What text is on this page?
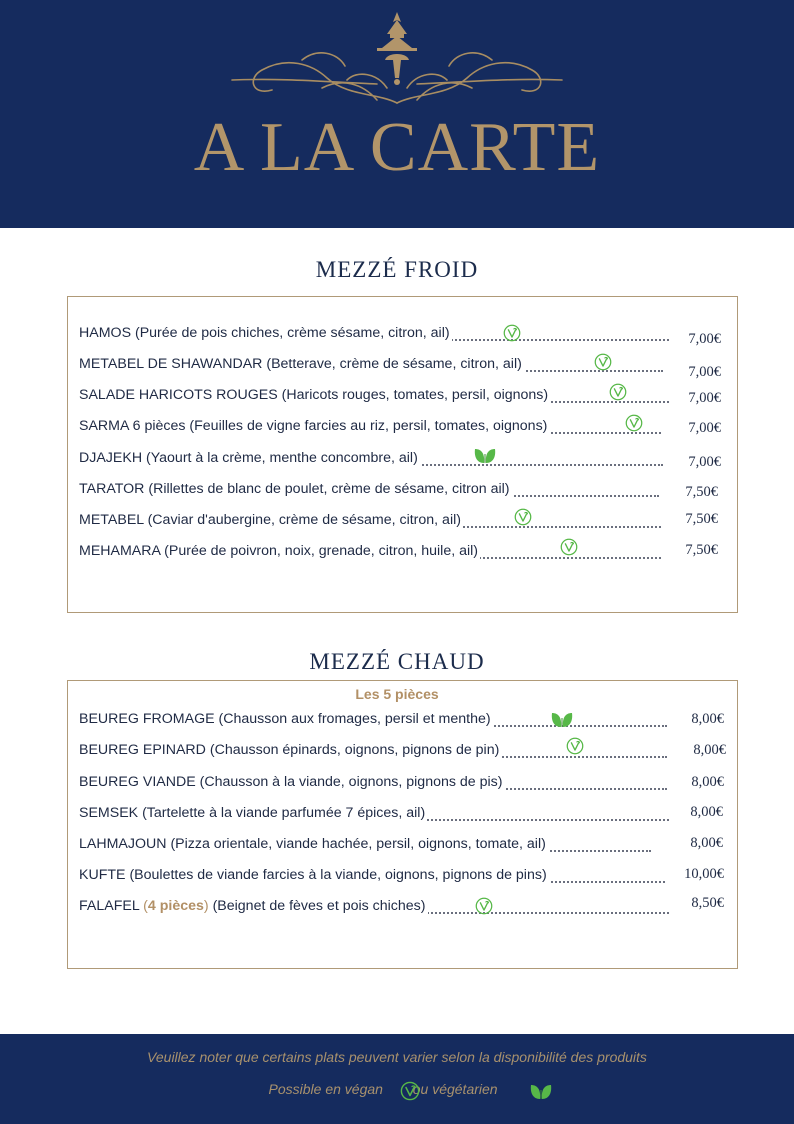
A LA CARTE
MEZZÉ FROID
HAMOS (Purée de pois chiches, crème sésame, citron, ail)	7,00€
METABEL DE SHAWANDAR (Betterave, crème de sésame, citron, ail)	7,00€
SALADE HARICOTS ROUGES (Haricots rouges, tomates, persil, oignons)	7,00€
SARMA 6 pièces (Feuilles de vigne farcies au riz, persil, tomates, oignons)	7,00€
DJAJEKH (Yaourt à la crème, menthe concombre, ail)	7,00€
TARATOR (Rillettes de blanc de poulet, crème de sésame, citron ail)	7,50€
METABEL (Caviar d'aubergine, crème de sésame, citron, ail)	7,50€
MEHAMARA (Purée de poivron, noix, grenade, citron, huile, ail)	7,50€
MEZZÉ CHAUD
Les 5 pièces
BEUREG FROMAGE (Chausson aux fromages, persil et menthe)	8,00€
BEUREG EPINARD (Chausson épinards, oignons, pignons de pin)	8,00€
BEUREG VIANDE (Chausson à la viande, oignons, pignons de pis)	8,00€
SEMSEK (Tartelette à la viande parfumée 7 épices, ail)	8,00€
LAHMAJOUN (Pizza orientale, viande hachée, persil, oignons, tomate, ail)	8,00€
KUFTE (Boulettes de viande farcies à la viande, oignons, pignons de pins)	10,00€
FALAFEL (4 pièces) (Beignet de fèves et pois chiches)	8,50€
Veuillez noter que certains plats peuvent varier selon la disponibilité des produits
Possible en végan ou végétarien
